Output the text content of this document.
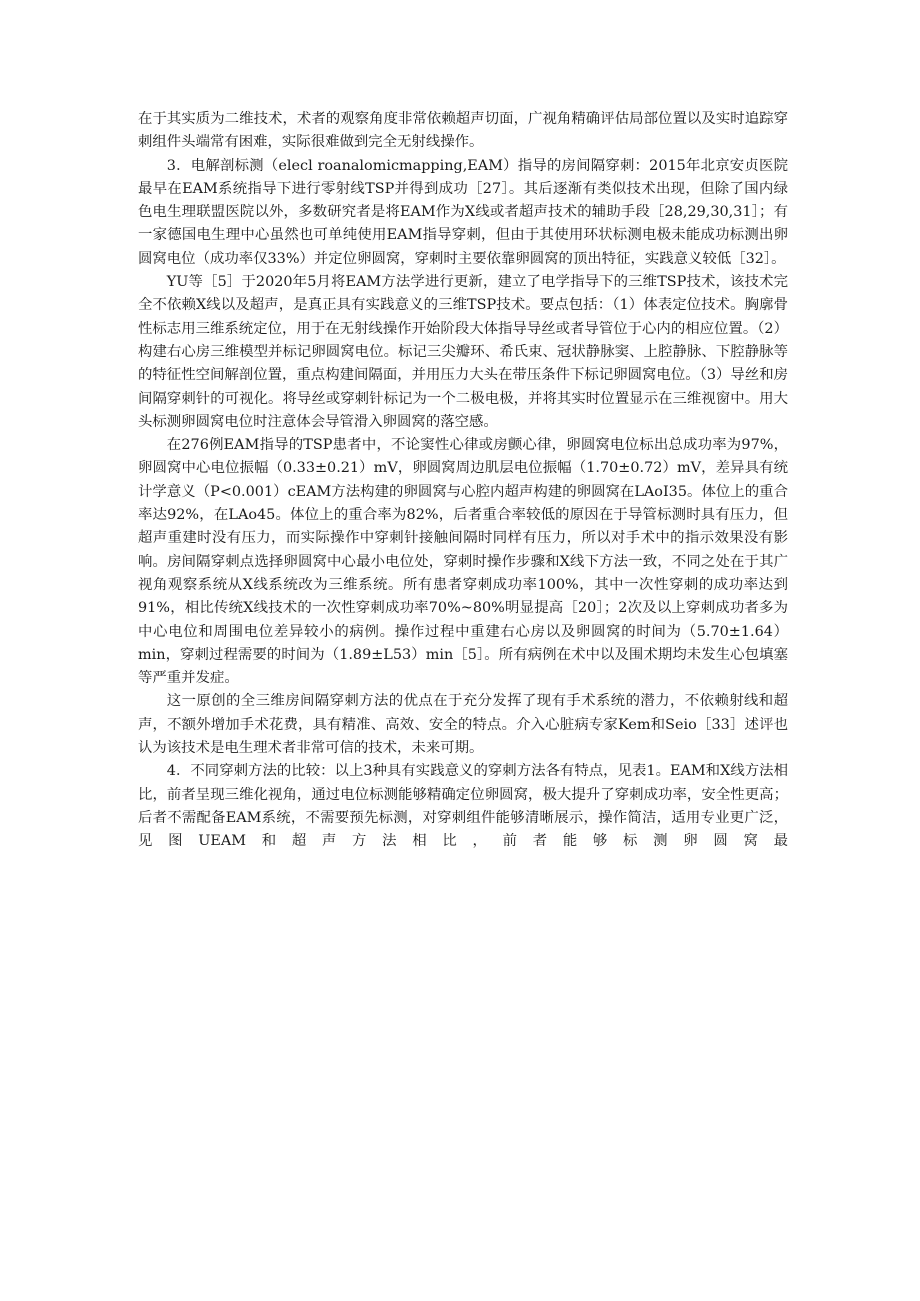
在于其实质为二维技术，术者的观察角度非常依赖超声切面，广视角精确评估局部位置以及实时追踪穿刺组件头端常有困难，实际很难做到完全无射线操作。

3．电解剖标测（elecl roanalomicmapping,EAM）指导的房间隔穿刺：2015年北京安贞医院最早在EAM系统指导下进行零射线TSP并得到成功［27］。其后逐渐有类似技术出现，但除了国内绿色电生理联盟医院以外，多数研究者是将EAM作为X线或者超声技术的辅助手段［28,29,30,31］；有一家德国电生理中心虽然也可单纯使用EAM指导穿刺，但由于其使用环状标测电极未能成功标测出卵圆窝电位（成功率仅33%）并定位卵圆窝，穿刺时主要依靠卵圆窝的顶出特征，实践意义较低［32］。

YU等［5］于2020年5月将EAM方法学进行更新，建立了电学指导下的三维TSP技术，该技术完全不依赖X线以及超声，是真正具有实践意义的三维TSP技术。要点包括：（1）体表定位技术。胸廓骨性标志用三维系统定位，用于在无射线操作开始阶段大体指导导丝或者导管位于心内的相应位置。（2）构建右心房三维模型并标记卵圆窝电位。标记三尖瓣环、希氏束、冠状静脉窦、上腔静脉、下腔静脉等的特征性空间解剖位置，重点构建间隔面，并用压力大头在带压条件下标记卵圆窝电位。（3）导丝和房间隔穿刺针的可视化。将导丝或穿刺针标记为一个二极电极，并将其实时位置显示在三维视窗中。用大头标测卵圆窝电位时注意体会导管滑入卵圆窝的落空感。

在276例EAM指导的TSP患者中，不论窦性心律或房颤心律，卵圆窝电位标出总成功率为97%，卵圆窝中心电位振幅（0.33±0.21）mV，卵圆窝周边肌层电位振幅（1.70±0.72）mV，差异具有统计学意义（P<0.001）cEAM方法构建的卵圆窝与心腔内超声构建的卵圆窝在LAoI35。体位上的重合率达92%，在LAo45。体位上的重合率为82%，后者重合率较低的原因在于导管标测时具有压力，但超声重建时没有压力，而实际操作中穿刺针接触间隔时同样有压力，所以对手术中的指示效果没有影响。房间隔穿刺点选择卵圆窝中心最小电位处，穿刺时操作步骤和X线下方法一致，不同之处在于其广视角观察系统从X线系统改为三维系统。所有患者穿刺成功率100%，其中一次性穿刺的成功率达到91%，相比传统X线技术的一次性穿刺成功率70%~80%明显提高［20］；2次及以上穿刺成功者多为中心电位和周围电位差异较小的病例。操作过程中重建右心房以及卵圆窝的时间为（5.70±1.64）min，穿刺过程需要的时间为（1.89±L53）min［5］。所有病例在术中以及围术期均未发生心包填塞等严重并发症。

这一原创的全三维房间隔穿刺方法的优点在于充分发挥了现有手术系统的潜力，不依赖射线和超声，不额外增加手术花费，具有精准、高效、安全的特点。介入心脏病专家Kem和Seio［33］述评也认为该技术是电生理术者非常可信的技术，未来可期。

4．不同穿刺方法的比较：以上3种具有实践意义的穿刺方法各有特点，见表1。EAM和X线方法相比，前者呈现三维化视角，通过电位标测能够精确定位卵圆窝，极大提升了穿刺成功率，安全性更高；后者不需配备EAM系统，不需要预先标测，对穿刺组件能够清晰展示，操作简洁，适用专业更广泛，见图UEAM和超声方法相比，前者能够标测卵圆窝最
